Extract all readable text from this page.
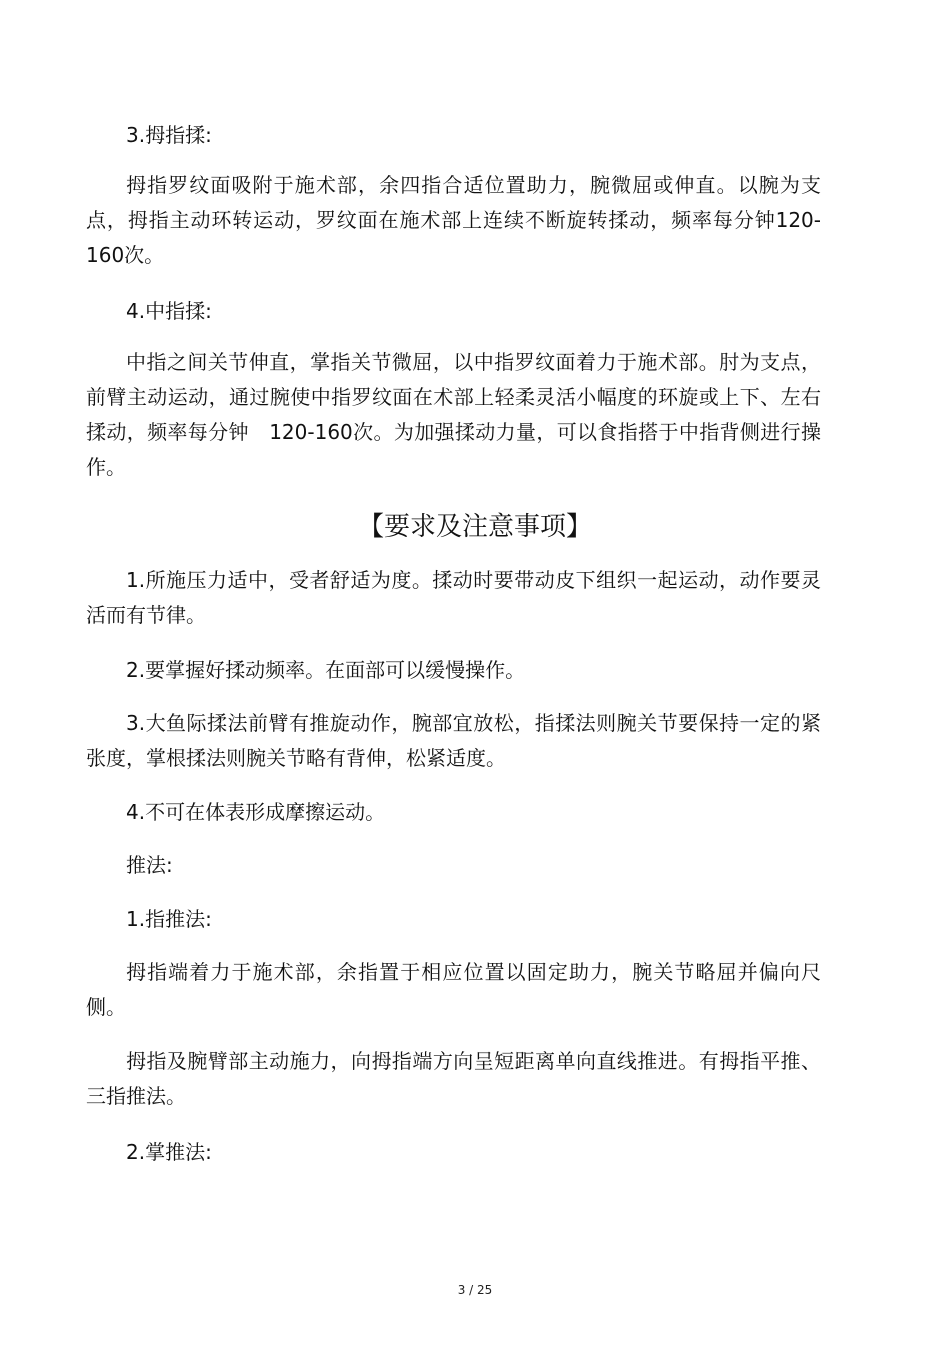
3.拇指揉:

拇指罗纹面吸附于施术部，余四指合适位置助力，腕微屈或伸直。以腕为支点，拇指主动环转运动，罗纹面在施术部上连续不断旋转揉动，频率每分钟120-160次。

4.中指揉:

中指之间关节伸直，掌指关节微屈，以中指罗纹面着力于施术部。肘为支点，前臂主动运动，通过腕使中指罗纹面在术部上轻柔灵活小幅度的环旋或上下、左右揉动，频率每分钟　120-160次。为加强揉动力量，可以食指搭于中指背侧进行操作。

【要求及注意事项】

1.所施压力适中，受者舒适为度。揉动时要带动皮下组织一起运动，动作要灵活而有节律。

2.要掌握好揉动频率。在面部可以缓慢操作。

3.大鱼际揉法前臂有推旋动作，腕部宜放松，指揉法则腕关节要保持一定的紧张度，掌根揉法则腕关节略有背伸，松紧适度。

4.不可在体表形成摩擦运动。

推法:

1.指推法:

拇指端着力于施术部，余指置于相应位置以固定助力，腕关节略屈并偏向尺侧。

拇指及腕臂部主动施力，向拇指端方向呈短距离单向直线推进。有拇指平推、三指推法。

2.掌推法:

3 / 25
